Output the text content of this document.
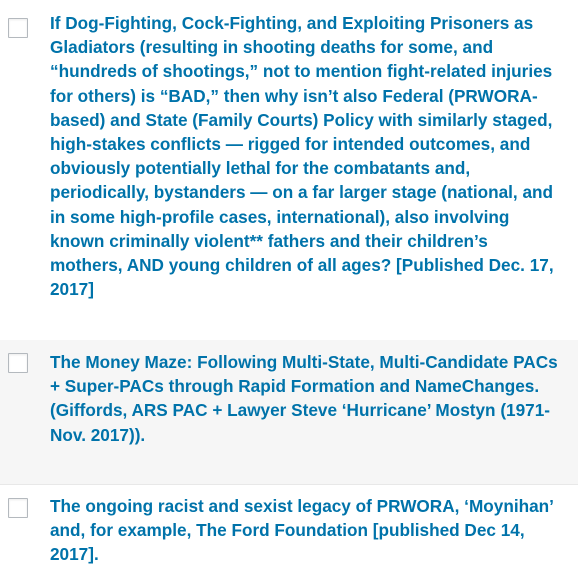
If Dog-Fighting, Cock-Fighting, and Exploiting Prisoners as Gladiators (resulting in shooting deaths for some, and “hundreds of shootings,” not to mention fight-related injuries for others) is “BAD,” then why isn’t also Federal (PRWORA-based) and State (Family Courts) Policy with similarly staged, high-stakes conflicts — rigged for intended outcomes, and obviously potentially lethal for the combatants and, periodically, bystanders — on a far larger stage (national, and in some high-profile cases, international), also involving known criminally violent** fathers and their children’s mothers, AND young children of all ages? [Published Dec. 17, 2017]
The Money Maze: Following Multi-State, Multi-Candidate PACs + Super-PACs through Rapid Formation and NameChanges. (Giffords, ARS PAC + Lawyer Steve ‘Hurricane’ Mostyn (1971-Nov. 2017)).
The ongoing racist and sexist legacy of PRWORA, ‘Moynihan’ and, for example, The Ford Foundation [published Dec 14, 2017].
